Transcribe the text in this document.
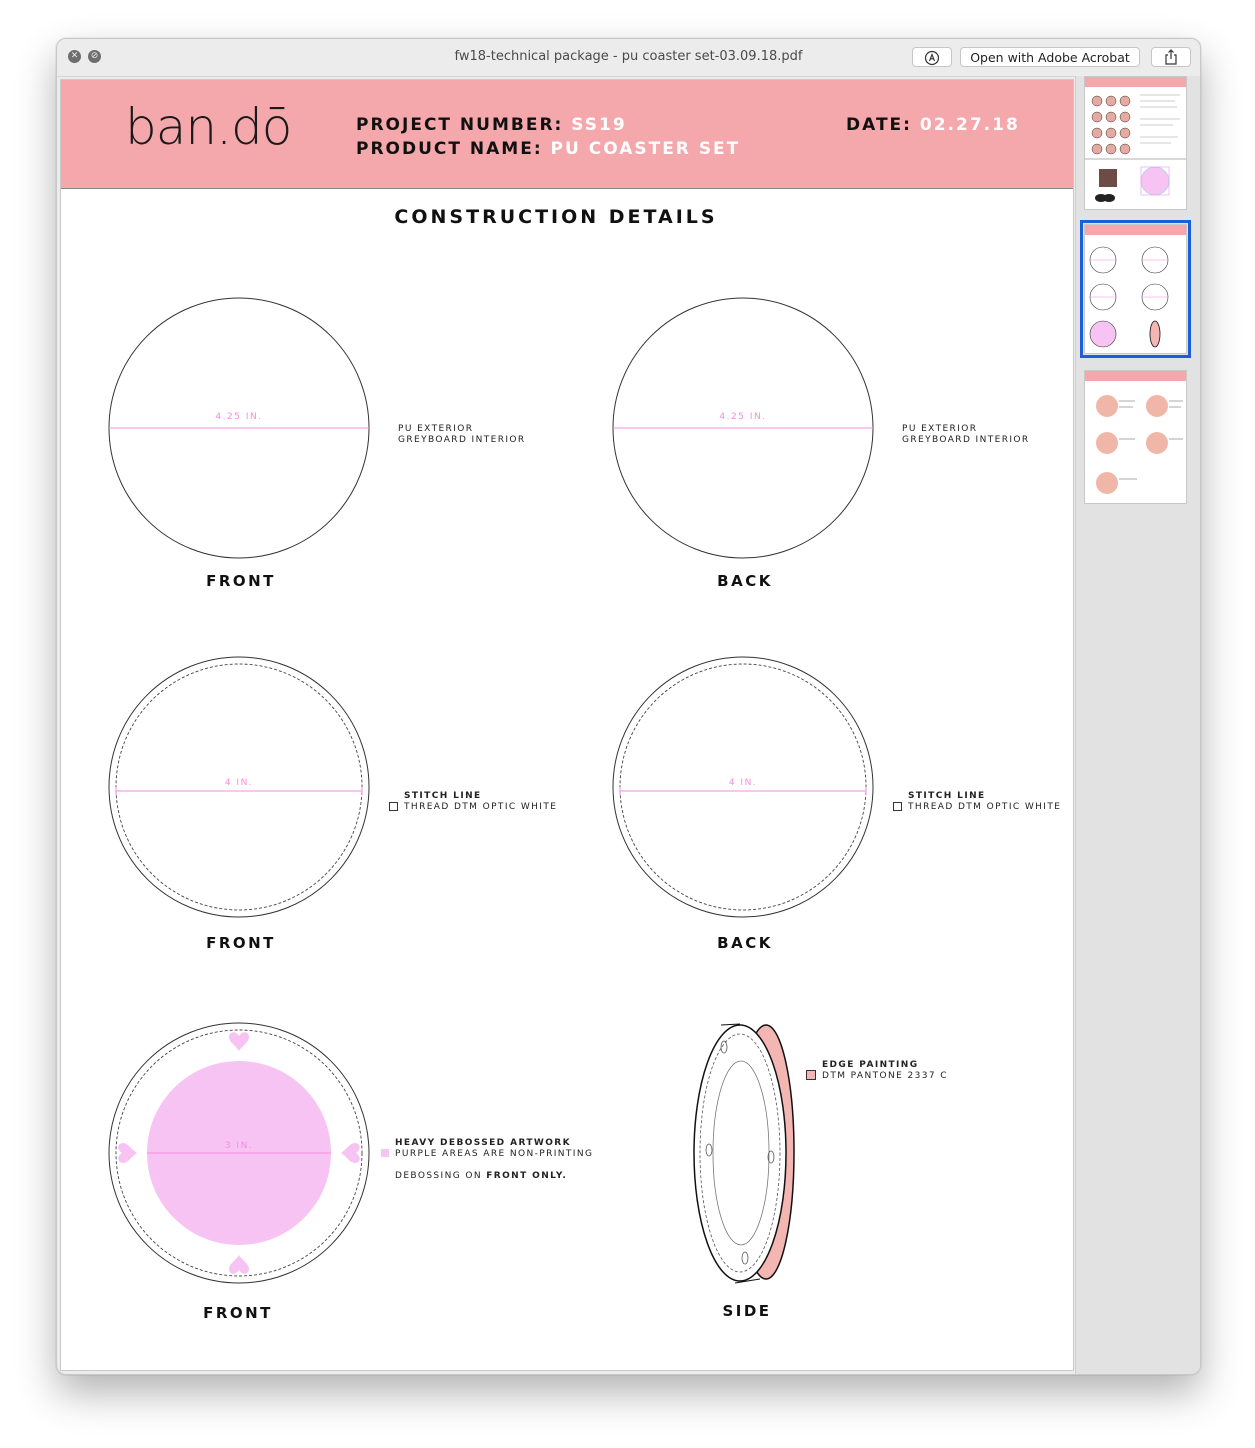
✕	⊘	fw18-technical package - pu coaster set-03.09.18.pdf	Open with Adobe Acrobat
ban.dō	PROJECT NUMBER: SS19
PRODUCT NAME: PU COASTER SET
DATE: 02.27.18
CONSTRUCTION DETAILS
4.25 IN.	4.25 IN.
4 IN.	4 IN.
3 IN.
FRONT	BACK
PU EXTERIOR
GREYBOARD INTERIOR
PU EXTERIOR
GREYBOARD INTERIOR
FRONT	BACK
STITCH LINE
THREAD DTM OPTIC WHITE
STITCH LINE
THREAD DTM OPTIC WHITE
FRONT	SIDE
HEAVY DEBOSSED ARTWORK
PURPLE AREAS ARE NON-PRINTING
DEBOSSING ON FRONT ONLY.
EDGE PAINTING
DTM PANTONE 2337 C
